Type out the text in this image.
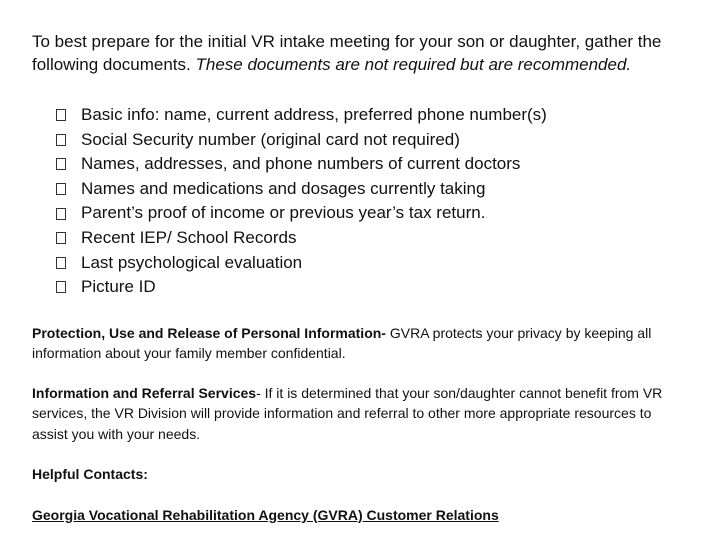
To best prepare for the initial VR intake meeting for your son or daughter, gather the following documents. These documents are not required but are recommended.

Basic info: name, current address, preferred phone number(s)
Social Security number (original card not required)
Names, addresses, and phone numbers of current doctors
Names and medications and dosages currently taking
Parent’s proof of income or previous year’s tax return.
Recent IEP/ School Records
Last psychological evaluation
Picture ID

Protection, Use and Release of Personal Information- GVRA protects your privacy by keeping all information about your family member confidential.

Information and Referral Services- If it is determined that your son/daughter cannot benefit from VR services, the VR Division will provide information and referral to other more appropriate resources to assist you with your needs.

Helpful Contacts:

Georgia Vocational Rehabilitation Agency (GVRA) Customer Relations
